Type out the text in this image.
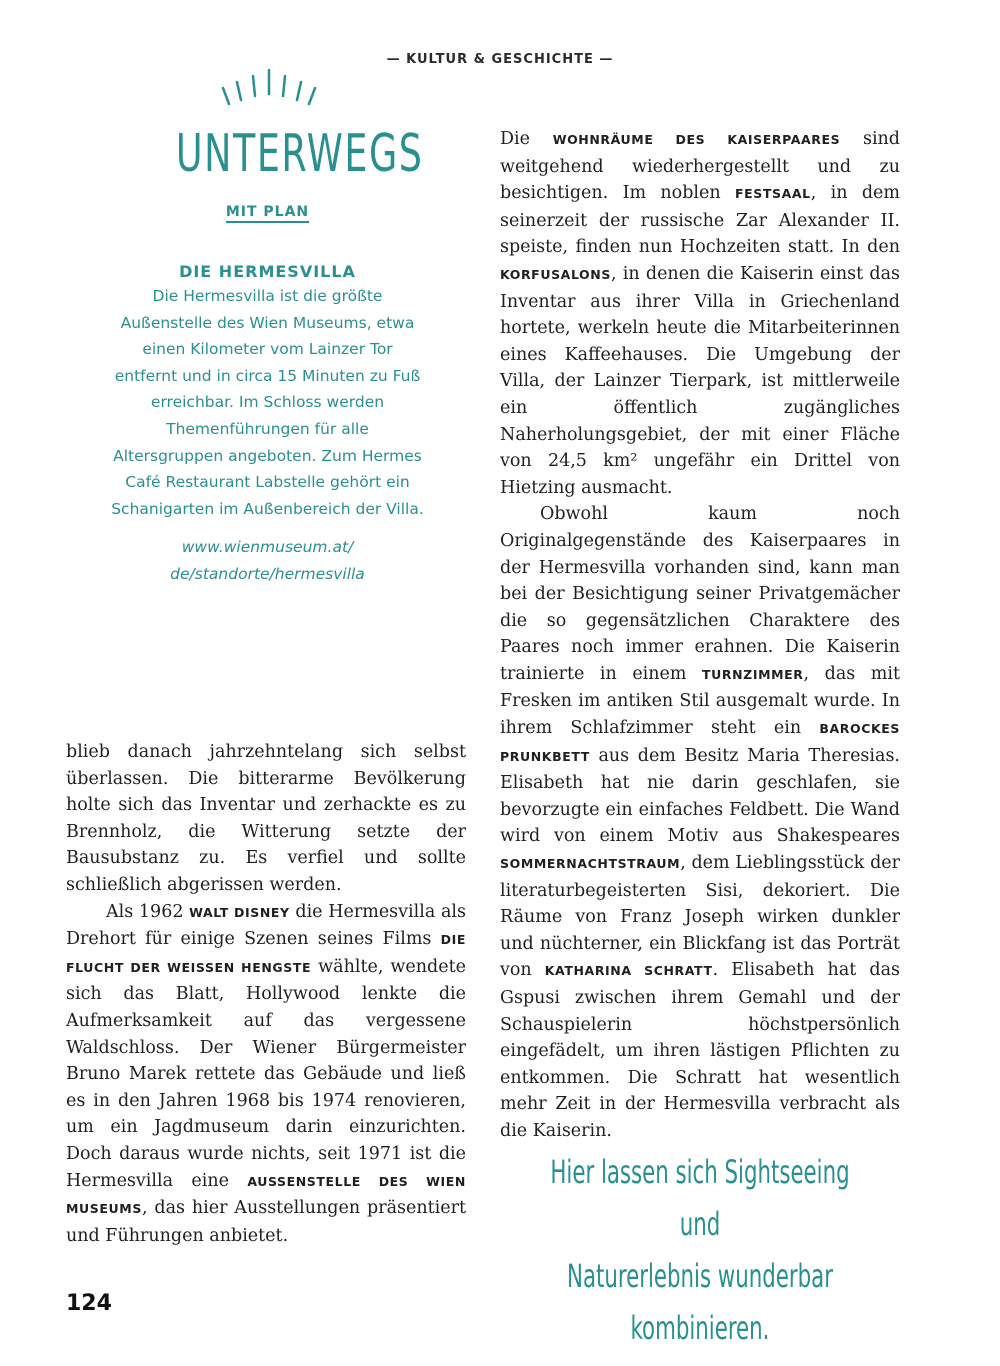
— KULTUR & GESCHICHTE —
UNTERWEGS
MIT PLAN
DIE HERMESVILLA
Die Hermesvilla ist die größte Außenstelle des Wien Museums, etwa einen Kilometer vom Lainzer Tor entfernt und in circa 15 Minuten zu Fuß erreichbar. Im Schloss werden Themenführungen für alle Altersgruppen angeboten. Zum Hermes Café Restaurant Labstelle gehört ein Schanigarten im Außenbereich der Villa.
www.wienmuseum.at/
de/standorte/hermesvilla

blieb danach jahrzehntelang sich selbst überlassen. Die bitterarme Bevölkerung holte sich das Inventar und zerhackte es zu Brennholz, die Witterung setzte der Bausubstanz zu. Es verfiel und sollte schließlich abgerissen werden.

Als 1962 WALT DISNEY die Hermesvilla als Drehort für einige Szenen seines Films DIE FLUCHT DER WEISSEN HENGSTE wählte, wendete sich das Blatt, Hollywood lenkte die Aufmerksamkeit auf das vergessene Waldschloss. Der Wiener Bürgermeister Bruno Marek rettete das Gebäude und ließ es in den Jahren 1968 bis 1974 renovieren, um ein Jagdmuseum darin einzurichten. Doch daraus wurde nichts, seit 1971 ist die Hermesvilla eine AUSSENSTELLE DES WIEN MUSEUMS, das hier Ausstellungen präsentiert und Führungen anbietet.

Die WOHNRÄUME DES KAISERPAARES sind weitgehend wiederhergestellt und zu besichtigen. Im noblen FESTSAAL, in dem seinerzeit der russische Zar Alexander II. speiste, finden nun Hochzeiten statt. In den KORFUSALONS, in denen die Kaiserin einst das Inventar aus ihrer Villa in Griechenland hortete, werkeln heute die Mitarbeiterinnen eines Kaffeehauses. Die Umgebung der Villa, der Lainzer Tierpark, ist mittlerweile ein öffentlich zugängliches Naherholungsgebiet, der mit einer Fläche von 24,5 km² ungefähr ein Drittel von Hietzing ausmacht.

Obwohl kaum noch Originalgegenstände des Kaiserpaares in der Hermesvilla vorhanden sind, kann man bei der Besichtigung seiner Privatgemächer die so gegensätzlichen Charaktere des Paares noch immer erahnen. Die Kaiserin trainierte in einem TURNZIMMER, das mit Fresken im antiken Stil ausgemalt wurde. In ihrem Schlafzimmer steht ein BAROCKES PRUNKBETT aus dem Besitz Maria Theresias. Elisabeth hat nie darin geschlafen, sie bevorzugte ein einfaches Feldbett. Die Wand wird von einem Motiv aus Shakespeares SOMMERNACHTSTRAUM, dem Lieblingsstück der literaturbegeisterten Sisi, dekoriert. Die Räume von Franz Joseph wirken dunkler und nüchterner, ein Blickfang ist das Porträt von KATHARINA SCHRATT. Elisabeth hat das Gspusi zwischen ihrem Gemahl und der Schauspielerin höchstpersönlich eingefädelt, um ihren lästigen Pflichten zu entkommen. Die Schratt hat wesentlich mehr Zeit in der Hermesvilla verbracht als die Kaiserin.

Hier lassen sich Sightseeing und
Naturerlebnis wunderbar kombinieren.
124
